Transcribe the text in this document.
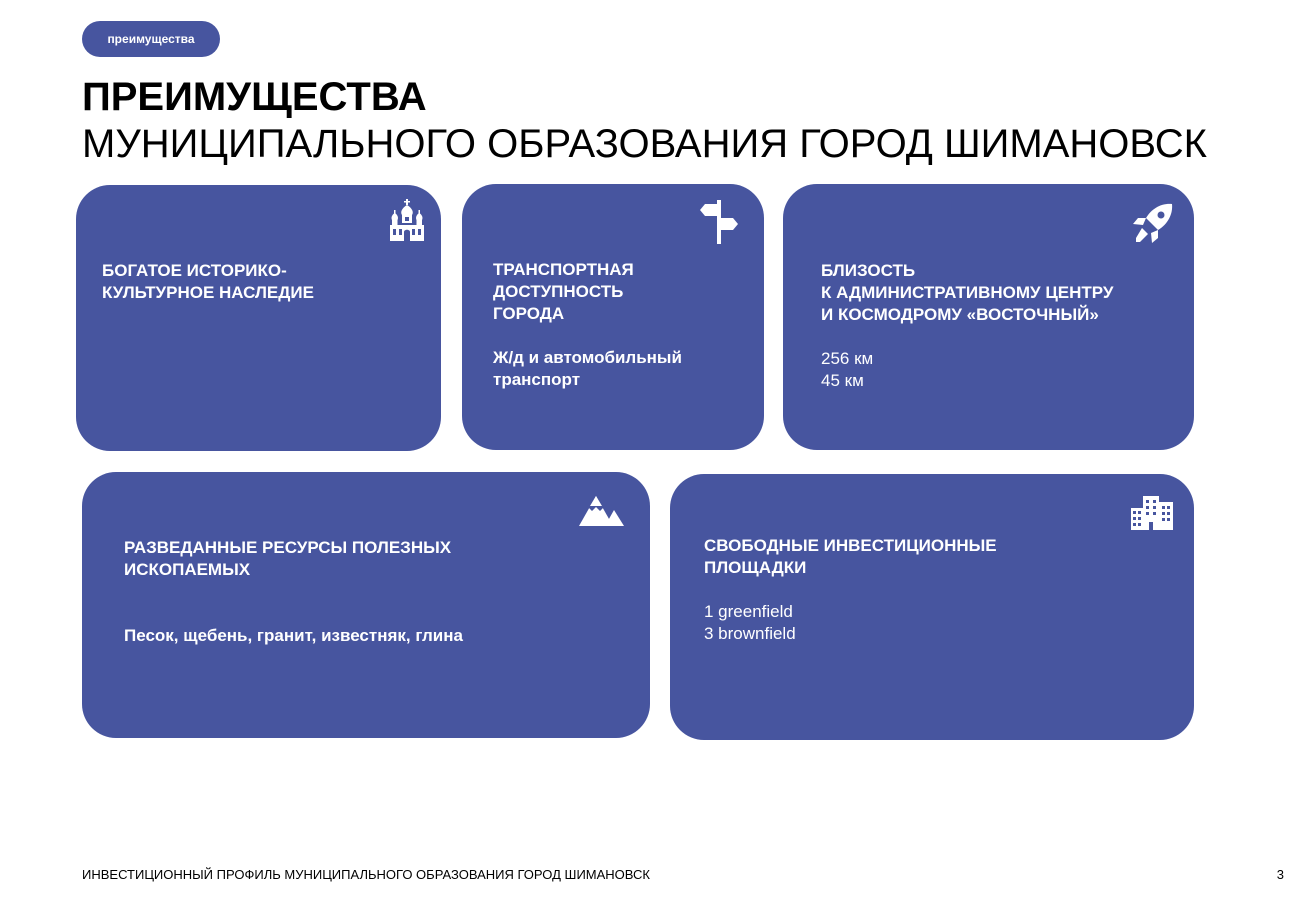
преимущества
ПРЕИМУЩЕСТВА
МУНИЦИПАЛЬНОГО ОБРАЗОВАНИЯ ГОРОД ШИМАНОВСК
БОГАТОЕ ИСТОРИКО-
КУЛЬТУРНОЕ НАСЛЕДИЕ
ТРАНСПОРТНАЯ
ДОСТУПНОСТЬ
ГОРОДА
Ж/д и автомобильный
транспорт
БЛИЗОСТЬ
К АДМИНИСТРАТИВНОМУ ЦЕНТРУ
И КОСМОДРОМУ «ВОСТОЧНЫЙ»
256 км
45 км
РАЗВЕДАННЫЕ РЕСУРСЫ ПОЛЕЗНЫХ
ИСКОПАЕМЫХ
Песок, щебень, гранит, известняк, глина
СВОБОДНЫЕ ИНВЕСТИЦИОННЫЕ
ПЛОЩАДКИ
1 greenfield
3 brownfield
ИНВЕСТИЦИОННЫЙ ПРОФИЛЬ МУНИЦИПАЛЬНОГО ОБРАЗОВАНИЯ ГОРОД ШИМАНОВСК	3
